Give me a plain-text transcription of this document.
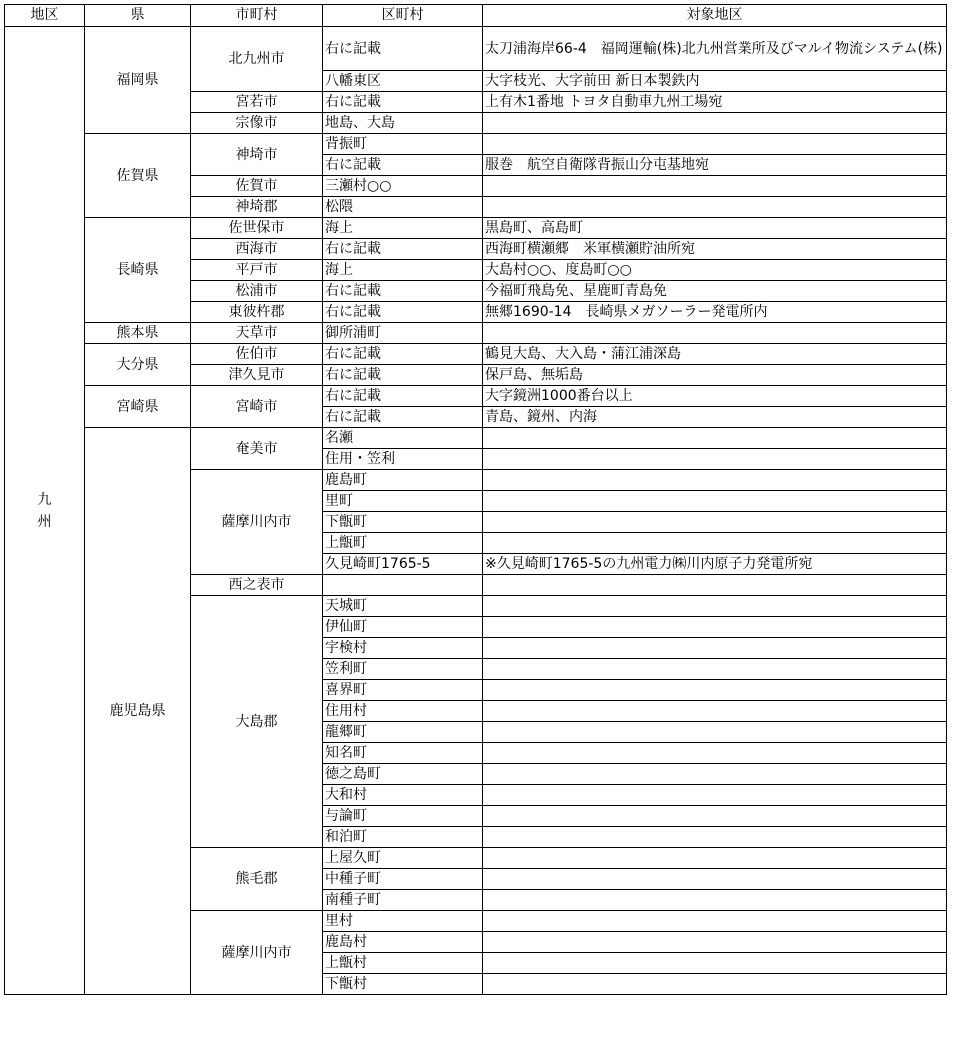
地区	県	市町村	区町村	対象地区
九州	福岡県	北九州市	右に記載	太刀浦海岸66-4　福岡運輸(株)北九州営業所及びマルイ物流システム(株)
			八幡東区	大字枝光、大字前田 新日本製鉄内
		宮若市	右に記載	上有木1番地 トヨタ自動車九州工場宛
		宗像市	地島、大島	
	佐賀県	神埼市	背振町	
			右に記載	服巻　航空自衛隊背振山分屯基地宛
		佐賀市	三瀬村○○	
		神埼郡	松隈	
	長崎県	佐世保市	海上	黒島町、高島町
		西海市	右に記載	西海町横瀬郷　米軍横瀬貯油所宛
		平戸市	海上	大島村○○、度島町○○
		松浦市	右に記載	今福町飛島免、星鹿町青島免
		東彼杵郡	右に記載	無郷1690-14　長崎県メガソーラー発電所内
	熊本県	天草市	御所浦町	
	大分県	佐伯市	右に記載	鶴見大島、大入島・蒲江浦深島
		津久見市	右に記載	保戸島、無垢島
	宮崎県	宮崎市	右に記載	大字鏡洲1000番台以上
			右に記載	青島、鏡州、内海
	鹿児島県	奄美市	名瀬	
			住用・笠利	
		薩摩川内市	鹿島町	
			里町	
			下甑町	
			上甑町	
			久見崎町1765-5	※久見崎町1765-5の九州電力㈱川内原子力発電所宛
		西之表市		
		大島郡	天城町	
			伊仙町	
			宇検村	
			笠利町	
			喜界町	
			住用村	
			龍郷町	
			知名町	
			徳之島町	
			大和村	
			与論町	
			和泊町	
		熊毛郡	上屋久町	
			中種子町	
			南種子町	
		薩摩川内市	里村	
			鹿島村	
			上甑村	
			下甑村	
